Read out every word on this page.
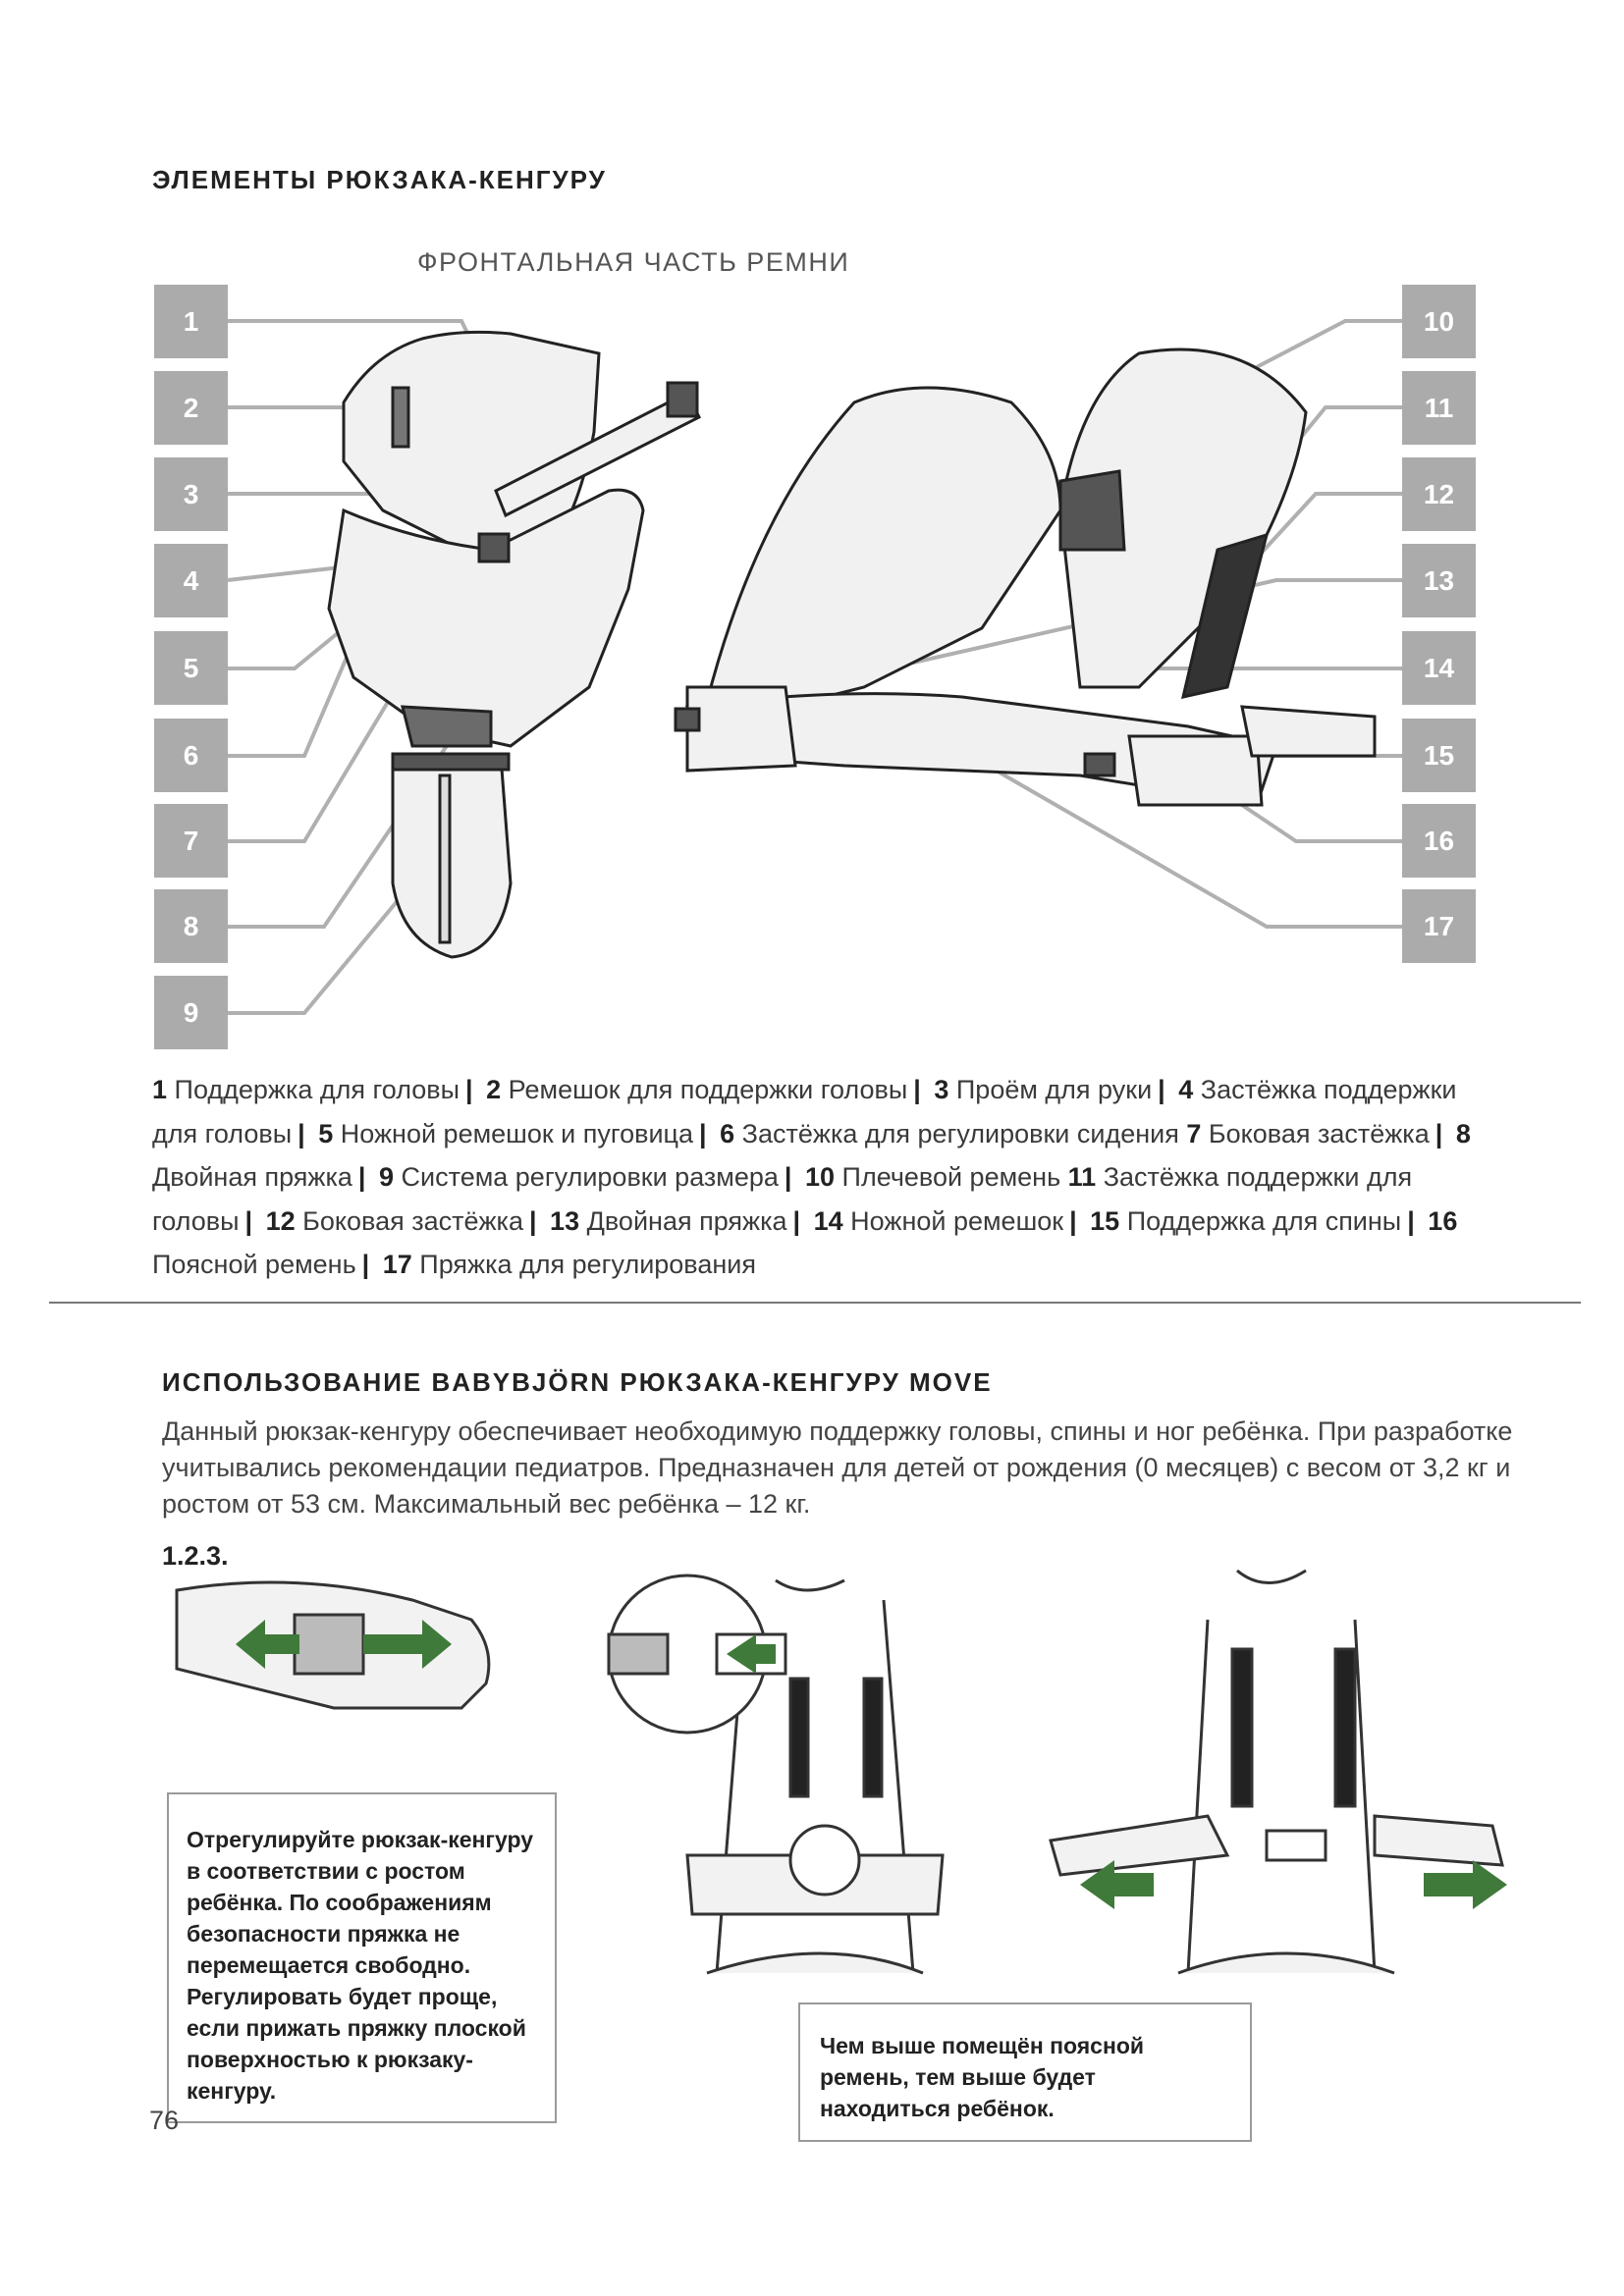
ЭЛЕМЕНТЫ РЮКЗАКА-КЕНГУРУ
ФРОНТАЛЬНАЯ ЧАСТЬ РЕМНИ
1
2
3
4
5
6
7
8
9
10
11
12
13
14
15
16
17
1 Поддержка для головы | 2 Ремешок для поддержки головы | 3 Проём для руки | 4 Застёжка поддержки для головы | 5 Ножной ремешок и пуговица | 6 Застёжка для регулировки сидения 7 Боковая застёжка | 8 Двойная пряжка | 9 Система регулировки размера | 10 Плечевой ремень 11 Застёжка поддержки для головы | 12 Боковая застёжка | 13 Двойная пряжка | 14 Ножной ремешок | 15 Поддержка для спины | 16 Поясной ремень | 17 Пряжка для регулирования
ИСПОЛЬЗОВАНИЕ BABYBJÖRN РЮКЗАКА-КЕНГУРУ MOVE
Данный рюкзак-кенгуру обеспечивает необходимую поддержку головы, спины и ног ребёнка. При разработке учитывались рекомендации педиатров. Предназначен для детей от рождения (0 месяцев) с весом от 3,2 кг и ростом от 53 см. Максимальный вес ребёнка – 12 кг.
1.2.3.
Отрегулируйте рюкзак-кенгуру в соответствии с ростом ребёнка. По соображениям безопасности пряжка не перемещается свободно. Регулировать будет проще, если прижать пряжку плоской поверхностью к рюкзаку-кенгуру.
Чем выше помещён поясной ремень, тем выше будет находиться ребёнок.
76
